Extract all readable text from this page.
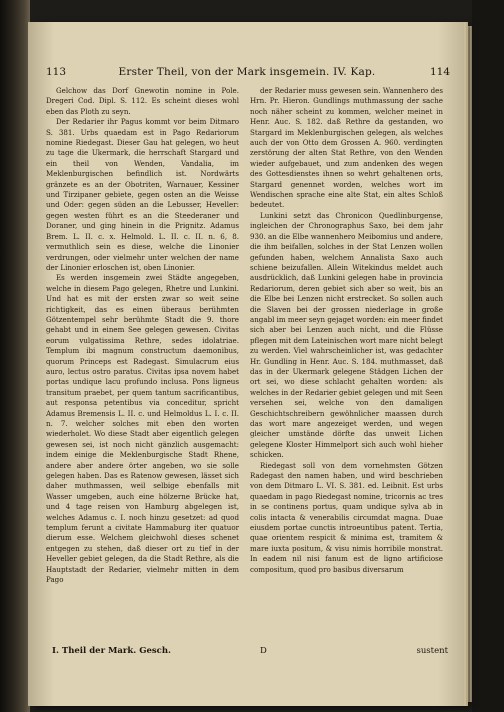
113	Erster Theil, von der Mark insgemein. IV. Kap.	114

Gelchow das Dorf Gnewotin nomine in Pole. Dregeri Cod. Dipl. S. 112. Es scheint dieses wohl eben das Ploth zu seyn.

Der Redarier ihr Pagus kommt vor beim Ditmaro S. 381. Urbs quaedam est in Pago Redariorum nomine Riedegast. Dieser Gau hat gelegen, wo heut zu tage die Ukermark, die herrschaft Stargard und ein theil von Wenden, Vandalia, im Meklenburgischen befindlich ist. Nordwärts gränzete es an der Obotriten, Warnauer, Kessiner und Tirzipaner gebiete, gegen osten an die Weisse und Oder: gegen süden an die Lebusser, Heveller: gegen westen führt es an die Steederaner und Doraner, und ging hinein in die Prignitz. Adamus Brem. L. II. c. x. Helmold. L. II. c. II. n. 6, 8. vermuthlich sein es diese, welche die Linonier verdrungen, oder vielmehr unter welchen der name der Linonier erloschen ist, oben Linonier.

Es werden insgemein zwei Städte angegeben, welche in diesem Pago gelegen, Rhetre und Lunkini. Und hat es mit der ersten zwar so weit seine richtigkeit, das es einen überaus berühmten Götzentempel sehr berühmte Stadt die 9. thore gehabt und in einem See gelegen gewesen. Civitas eorum vulgatissima Rethre, sedes idolatriae. Templum ibi magnum constructum daemonibus, quorum Princeps est Radegast. Simulacrum eius auro, lectus ostro paratus. Civitas ipsa novem habet portas undique lacu profundo inclusa. Pons ligneus transitum praebet, per quem tantum sacrificantibus, aut responsa petentibus via conceditur, spricht Adamus Bremensis L. II. c. und Helmoldus L. I. c. II. n. 7. welcher solches mit eben den worten wiederholet. Wo diese Stadt aber eigentlich gelegen gewesen sei, ist noch nicht gänzlich ausgemacht: indem einige die Meklenburgische Stadt Rhene, andere aber andere örter angeben, wo sie solle gelegen haben. Das es Ratenow gewesen, lässet sich daher muthmassen, weil selbige ebenfalls mit Wasser umgeben, auch eine hölzerne Brücke hat, und 4 tage reisen von Hamburg abgelegen ist, welches Adamus c. I. noch hinzu gesetzet: ad quod templum ferunt a civitate Hammaburg iter quatuor dierum esse. Welchem gleichwohl dieses schenet entgegen zu stehen, daß dieser ort zu tief in der Heveller gebiet gelegen, da die Stadt Rethre, als die Hauptstadt der Redarier, vielmehr mitten in dem Pago

der Redarier muss gewesen sein. Wannenhero des Hrn. Pr. Hieron. Gundlings muthmassung der sache noch näher scheint zu kommen, welcher meinet in Henr. Auc. S. 182. daß Rethre da gestanden, wo Stargard im Meklenburgischen gelegen, als welches auch der von Otto dem Grossen A. 960. verdingten zerstörung der alten Stat Rethre, von den Wenden wieder aufgebauet, und zum andenken des wegen des Gottesdienstes ihnen so wehrt gehaltenen orts, Stargard genennet worden, welches wort im Wendischen sprache eine alte Stat, ein altes Schloß bedeutet.

Lunkini setzt das Chronicon Quedlinburgense, ingleichen der Chronographus Saxo, bei dem jahr 930. an die Elbe wannenhero Meibomius und andere, die ihm beifallen, solches in der Stat Lenzen wollen gefunden haben, welchem Annalista Saxo auch schiene beizufallen. Allein Witekindus meldet auch ausdrücklich, daß Lunkini gelegen habe in provincia Redariorum, deren gebiet sich aber so weit, bis an die Elbe bei Lenzen nicht erstrecket. So sollen auch die Slaven bei der grossen niederlage in große angabl im meer seyn gejaget worden: ein meer findet sich aber bei Lenzen auch nicht, und die Flüsse pflegen mit dem Lateinischen wort mare nicht belegt zu werden. Viel wahrscheinlicher ist, was gedachter Hr. Gundling in Henr. Auc. S. 184. muthmasset, daß das in der Ukermark gelegene Städgen Lichen der ort sei, wo diese schlacht gehalten worden: als welches in der Redarier gebiet gelegen und mit Seen versehen sei, welche von den damaligen Geschichtschreibern gewöhnlicher maassen durch das wort mare angezeiget werden, und wegen gleicher umstände dörfte das unweit Lichen gelegene Kloster Himmelport sich auch wohl hieher schicken.

Riedegast soll von dem vornehmsten Götzen Radegast den namen haben, und wird beschrieben von dem Ditmaro L. VI. S. 381. ed. Leibnit. Est urbs quaedam in pago Riedegast nomine, tricornis ac tres in se continens portus, quam undique sylva ab in colis intacta & venerabilis circumdat magna. Duae eiusdem portae cunctis introeuntibus patent. Tertia, quae orientem respicit & minima est, tramitem & mare iuxta positum, & visu nimis horribile monstrat. In eadem nil nisi fanum est de ligno artificiose compositum, quod pro basibus diversarum

I. Theil der Mark. Gesch.	D	sustent
